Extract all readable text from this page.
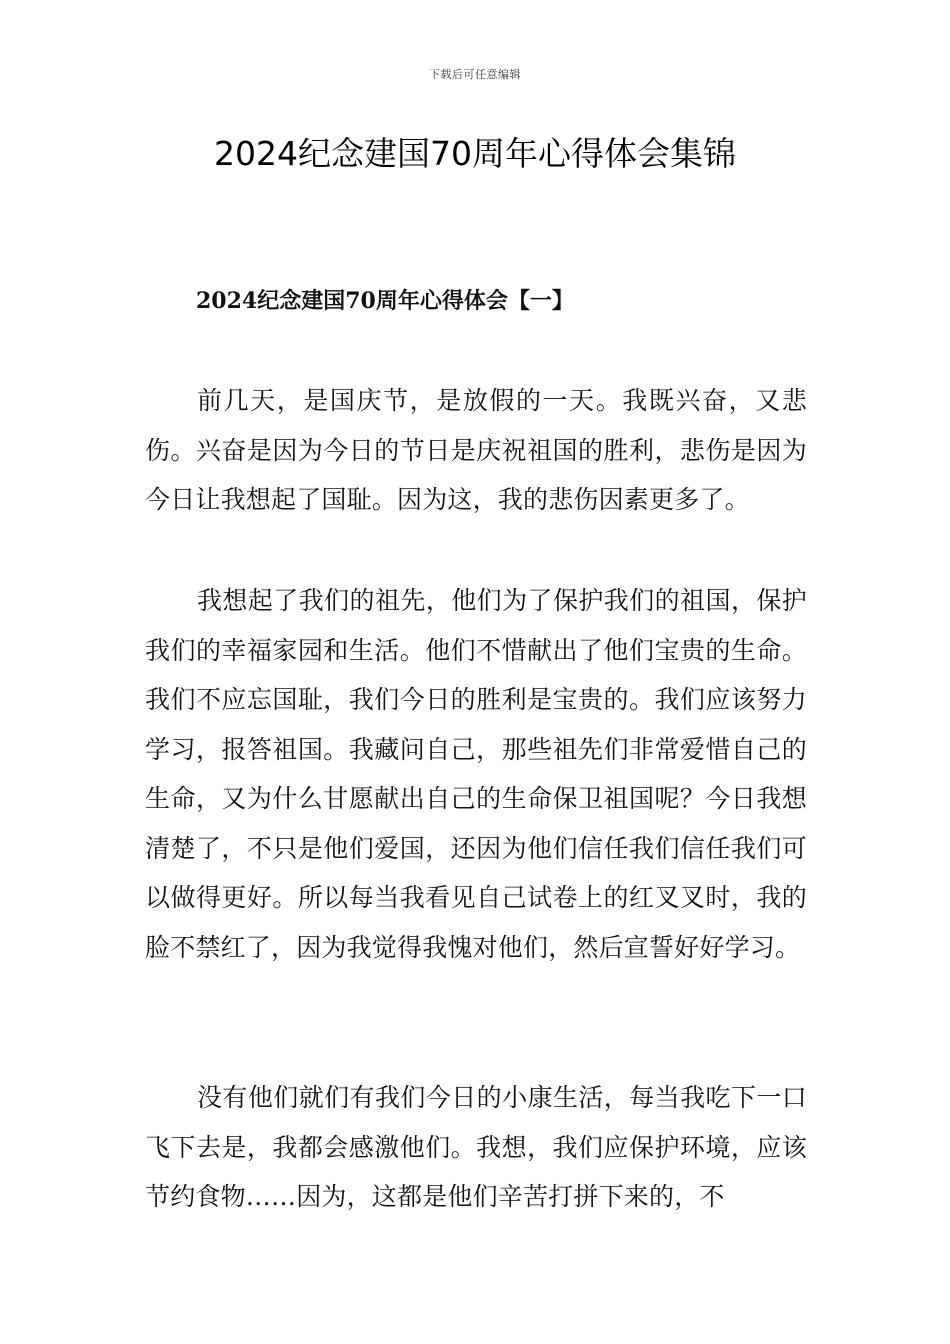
下载后可任意编辑
2024纪念建国70周年心得体会集锦
2024纪念建国70周年心得体会【一】

前几天，是国庆节，是放假的一天。我既兴奋，又悲伤。兴奋是因为今日的节日是庆祝祖国的胜利，悲伤是因为今日让我想起了国耻。因为这，我的悲伤因素更多了。

我想起了我们的祖先，他们为了保护我们的祖国，保护我们的幸福家园和生活。他们不惜献出了他们宝贵的生命。我们不应忘国耻，我们今日的胜利是宝贵的。我们应该努力学习，报答祖国。我藏问自己，那些祖先们非常爱惜自己的生命，又为什么甘愿献出自己的生命保卫祖国呢？今日我想清楚了，不只是他们爱国，还因为他们信任我们信任我们可以做得更好。所以每当我看见自己试卷上的红叉叉时，我的脸不禁红了，因为我觉得我愧对他们，然后宣誓好好学习。

没有他们就们有我们今日的小康生活，每当我吃下一口飞下去是，我都会感激他们。我想，我们应保护环境，应该节约食物……因为，这都是他们辛苦打拼下来的，不
